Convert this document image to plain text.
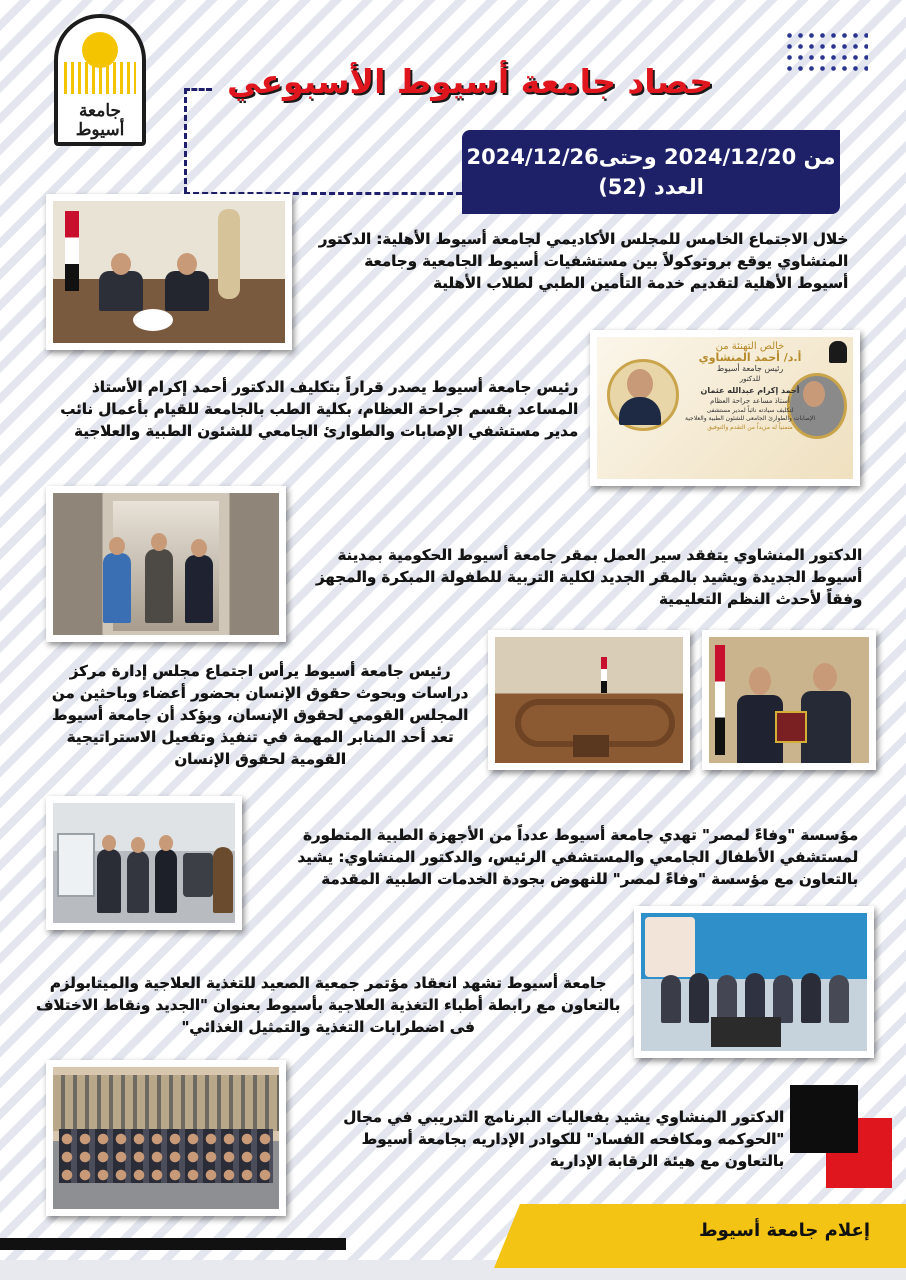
جامعة
أسيوط
حصاد جامعة أسيوط الأسبوعي
من 2024/12/20 وحتى2024/12/26
العدد (52)
خلال الاجتماع الخامس للمجلس الأكاديمي لجامعة أسيوط الأهلية: الدكتور المنشاوي يوقع بروتوكولاً بين مستشفيات أسيوط الجامعية وجامعة أسيوط الأهلية لتقديم خدمة التأمين الطبي لطلاب الأهلية
خالص التهنئة من
أ.د/ أحمد المنشاوي
رئيس جامعة أسيوط
للدكتور
أحمد إكرام عبدالله عثمان
أستاذ مساعد جراحة العظام
لتكليف سيادته نائباً لمدير مستشفى
الإصابات والطوارئ الجامعى للشئون الطبية والعلاجية
متمنياً له مزيداً من التقدم والتوفيق
رئيس جامعة أسيوط يصدر قراراً بتكليف الدكتور أحمد إكرام الأستاذ المساعد بقسم جراحة العظام، بكلية الطب بالجامعة للقيام بأعمال نائب مدير مستشفي الإصابات والطوارئ الجامعي للشئون الطبية والعلاجية
الدكتور المنشاوي يتفقد سير العمل بمقر جامعة أسيوط الحكومية بمدينة أسيوط الجديدة ويشيد بالمقر الجديد لكلية التربية للطفولة المبكرة والمجهز وفقاً لأحدث النظم التعليمية
رئيس جامعة أسيوط يرأس اجتماع مجلس إدارة مركز دراسات وبحوث حقوق الإنسان بحضور أعضاء وباحثين من المجلس القومي لحقوق الإنسان، ويؤكد أن جامعة أسيوط تعد أحد المنابر المهمة في تنفيذ وتفعيل الاستراتيجية القومية لحقوق الإنسان
مؤسسة "وفاءً لمصر" تهدي جامعة أسيوط عدداً من الأجهزة الطبية المتطورة لمستشفي الأطفال الجامعي والمستشفي الرئيس، والدكتور المنشاوي: يشيد بالتعاون مع مؤسسة "وفاءً لمصر" للنهوض بجودة الخدمات الطبية المقدمة
جامعة أسيوط تشهد انعقاد مؤتمر جمعية الصعيد للتغذية العلاجية والميتابولزم بالتعاون مع رابطة أطباء التغذية العلاجية بأسيوط بعنوان "الجديد ونقاط الاختلاف فى اضطرابات التغذية والتمثيل الغذائي"
الدكتور المنشاوي يشيد بفعاليات البرنامج التدريبي في مجال "الحوكمه ومكافحه الفساد" للكوادر الإداريه بجامعة أسيوط بالتعاون مع هيئة الرقابة الإدارية
إعلام جامعة أسيوط
